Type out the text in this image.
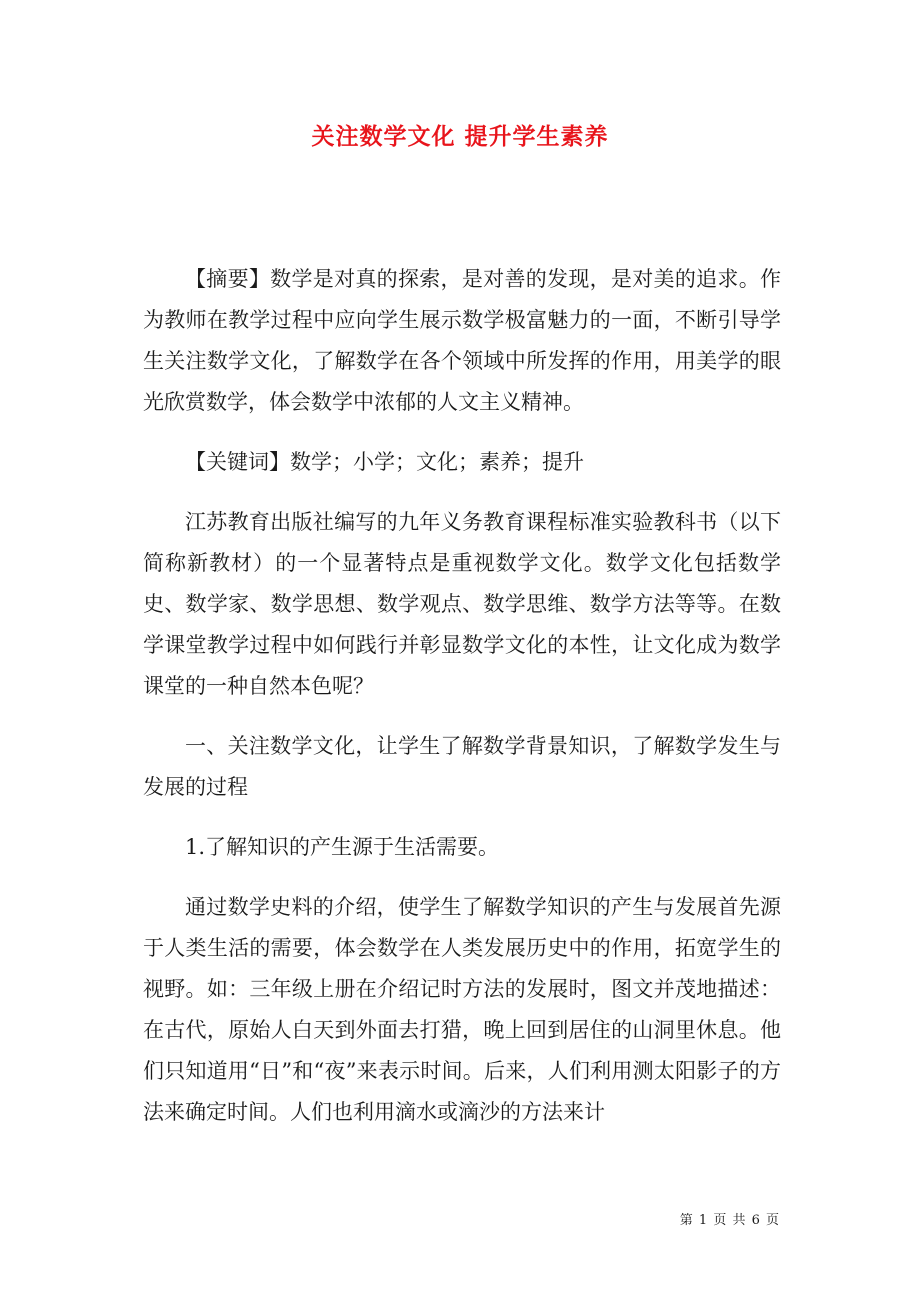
关注数学文化 提升学生素养

【摘要】数学是对真的探索，是对善的发现，是对美的追求。作为教师在教学过程中应向学生展示数学极富魅力的一面，不断引导学生关注数学文化，了解数学在各个领域中所发挥的作用，用美学的眼光欣赏数学，体会数学中浓郁的人文主义精神。

【关键词】数学；小学；文化；素养；提升

江苏教育出版社编写的九年义务教育课程标准实验教科书（以下简称新教材）的一个显著特点是重视数学文化。数学文化包括数学史、数学家、数学思想、数学观点、数学思维、数学方法等等。在数学课堂教学过程中如何践行并彰显数学文化的本性，让文化成为数学课堂的一种自然本色呢？

一、关注数学文化，让学生了解数学背景知识，了解数学发生与发展的过程

1.了解知识的产生源于生活需要。

通过数学史料的介绍，使学生了解数学知识的产生与发展首先源于人类生活的需要，体会数学在人类发展历史中的作用，拓宽学生的视野。如：三年级上册在介绍记时方法的发展时，图文并茂地描述：在古代，原始人白天到外面去打猎，晚上回到居住的山洞里休息。他们只知道用“日”和“夜”来表示时间。后来，人们利用测太阳影子的方法来确定时间。人们也利用滴水或滴沙的方法来计

第 1 页 共 6 页
